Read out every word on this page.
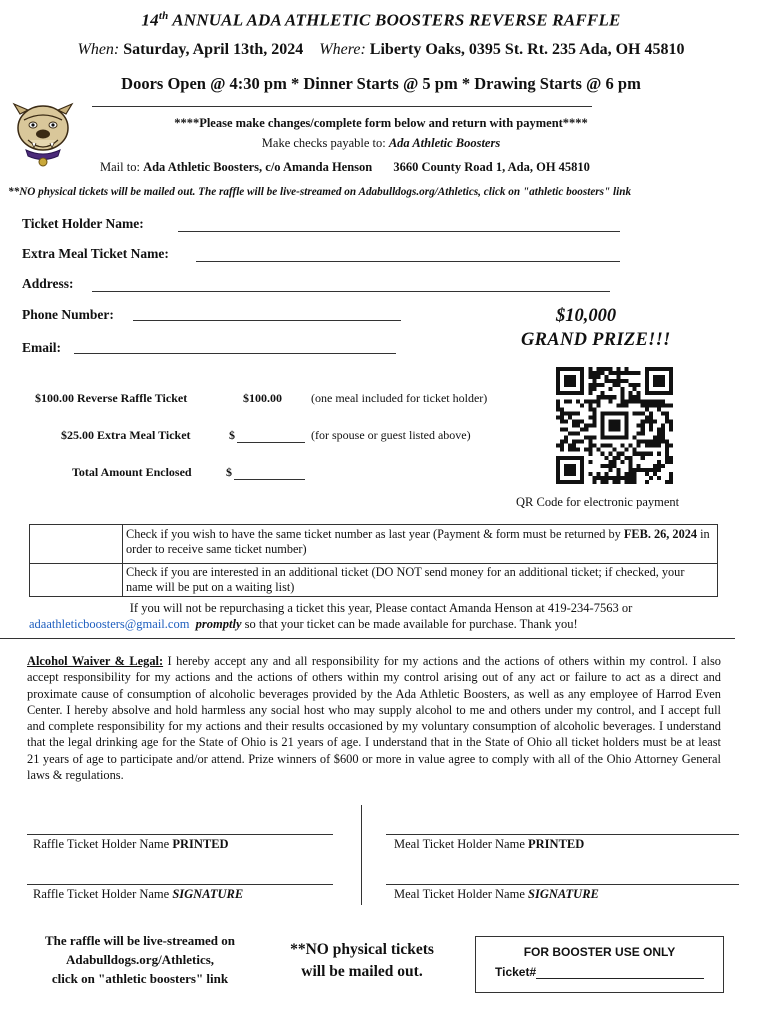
14th ANNUAL ADA ATHLETIC BOOSTERS REVERSE RAFFLE
When: Saturday, April 13th, 2024 Where: Liberty Oaks, 0395 St. Rt. 235 Ada, OH 45810
Doors Open @ 4:30 pm * Dinner Starts @ 5 pm * Drawing Starts @ 6 pm
****Please make changes/complete form below and return with payment****
Make checks payable to: Ada Athletic Boosters
Mail to: Ada Athletic Boosters, c/o Amanda Henson 3660 County Road 1, Ada, OH 45810
**NO physical tickets will be mailed out. The raffle will be live-streamed on Adabulldogs.org/Athletics, click on "athletic boosters" link
Ticket Holder Name:
Extra Meal Ticket Name:
Address:
Phone Number:
Email:
$10,000
GRAND PRIZE!!!
$100.00 Reverse Raffle Ticket	$100.00 (one meal included for ticket holder)
$25.00 Extra Meal Ticket	$	(for spouse or guest listed above)
Total Amount Enclosed	$
QR Code for electronic payment
	Check if you wish to have the same ticket number as last year (Payment & form must be returned by FEB. 26, 2024 in order to receive same ticket number)
	Check if you are interested in an additional ticket (DO NOT send money for an additional ticket; if checked, your name will be put on a waiting list)
If you will not be repurchasing a ticket this year, Please contact Amanda Henson at 419-234-7563 or
adaathleticboosters@gmail.com promptly so that your ticket can be made available for purchase. Thank you!
Alcohol Waiver & Legal: I hereby accept any and all responsibility for my actions and the actions of others within my control. I also accept responsibility for my actions and the actions of others within my control arising out of any act or failure to act as a direct and proximate cause of consumption of alcoholic beverages provided by the Ada Athletic Boosters, as well as any employee of Harrod Even Center. I hereby absolve and hold harmless any social host who may supply alcohol to me and others under my control, and I accept full and complete responsibility for my actions and their results occasioned by my voluntary consumption of alcoholic beverages. I understand that the legal drinking age for the State of Ohio is 21 years of age. I understand that in the State of Ohio all ticket holders must be at least 21 years of age to participate and/or attend. Prize winners of $600 or more in value agree to comply with all of the Ohio Attorney General laws & regulations.
Raffle Ticket Holder Name PRINTED	Meal Ticket Holder Name PRINTED
Raffle Ticket Holder Name SIGNATURE	Meal Ticket Holder Name SIGNATURE
The raffle will be live-streamed on
Adabulldogs.org/Athletics,
click on "athletic boosters" link
**NO physical tickets
will be mailed out.
FOR BOOSTER USE ONLY
Ticket#
